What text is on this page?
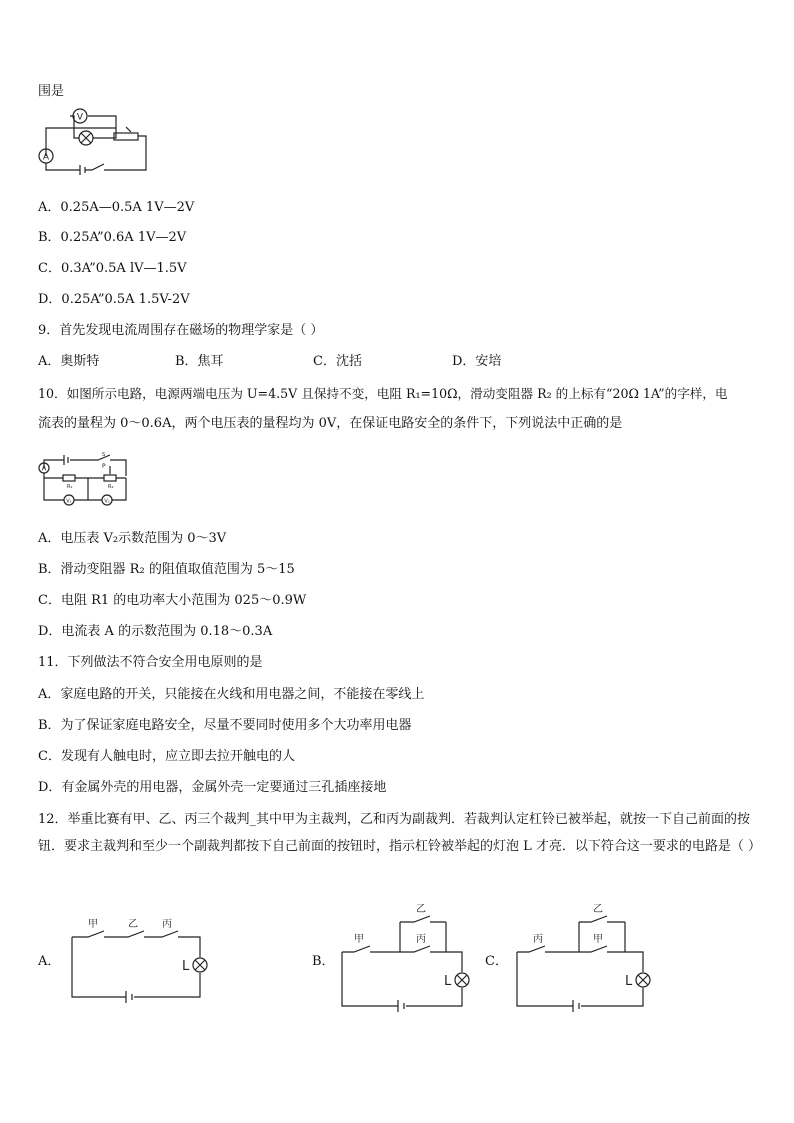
围是
V
A
A．0.25A—0.5A 1V—2V
B．0.25A”0.6A 1V—2V
C．0.3A”0.5A lV—1.5V
D．0.25A”0.5A 1.5V-2V
9．首先发现电流周围存在磁场的物理学家是（ ）
A．奥斯特	B．焦耳	C．沈括	D．安培
10．如图所示电路，电源两端电压为 U=4.5V 且保持不变，电阻 R₁=10Ω，滑动变阻器 R₂ 的上标有“20Ω 1A”的字样，电
流表的量程为 0～0.6A，两个电压表的量程均为 0V，在保证电路安全的条件下，下列说法中正确的是
S
A
R₁	R₂
P
V₁	V₂
A．电压表 V₂示数范围为 0～3V
B．滑动变阻器 R₂ 的阻值取值范围为 5～15
C．电阻 R1 的电功率大小范围为 025～0.9W
D．电流表 A 的示数范围为 0.18～0.3A
11．下列做法不符合安全用电原则的是
A．家庭电路的开关，只能接在火线和用电器之间，不能接在零线上
B．为了保证家庭电路安全，尽量不要同时使用多个大功率用电器
C．发现有人触电时，应立即去拉开触电的人
D．有金属外壳的用电器，金属外壳一定要通过三孔插座接地
12．举重比赛有甲、乙、丙三个裁判_其中甲为主裁判，乙和丙为副裁判．若裁判认定杠铃已被举起，就按一下自己前面的按钮．要求主裁判和至少一个副裁判都按下自己前面的按钮时，指示杠铃被举起的灯泡 L 才亮．以下符合这一要求的电路是（ ）
A．
甲	乙 丙
L	B．
甲
乙
丙
L
C．
丙
乙
甲
L
